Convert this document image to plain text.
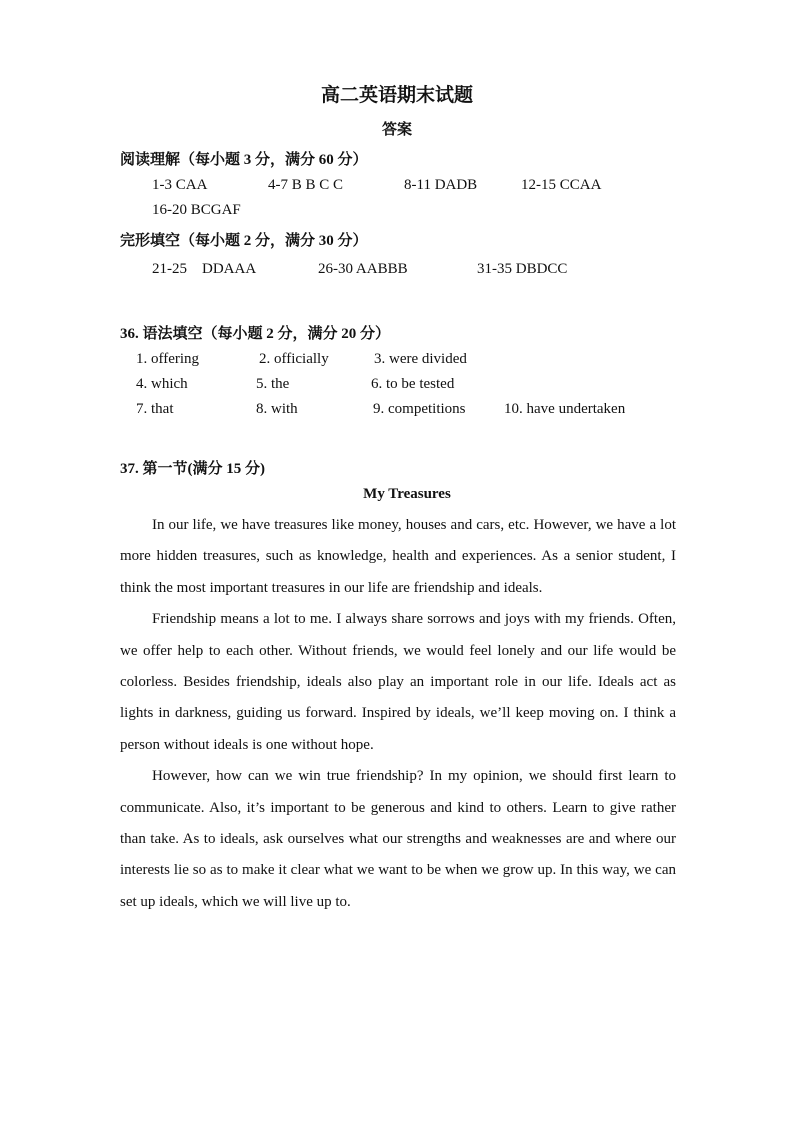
高二英语期末试题
答案
阅读理解（每小题 3 分，满分 60 分）
1-3 CAA	4-7 B B C C	8-11 DADB	12-15 CCAA
16-20 BCGAF
完形填空（每小题 2 分，满分 30 分）
21-25    DDAAA	26-30 AABBB	31-35 DBDCC
36. 语法填空（每小题 2 分，满分 20 分）
1. offering	2. officially	3. were divided
4. which	5. the	6. to be tested
7. that	8. with	9. competitions	10. have undertaken
37. 第一节(满分 15 分)
My Treasures

In our life, we have treasures like money, houses and cars, etc. However, we have a lot more hidden treasures, such as knowledge, health and experiences. As a senior student, I think the most important treasures in our life are friendship and ideals.

Friendship means a lot to me. I always share sorrows and joys with my friends. Often, we offer help to each other. Without friends, we would feel lonely and our life would be colorless. Besides friendship, ideals also play an important role in our life. Ideals act as lights in darkness, guiding us forward. Inspired by ideals, we’ll keep moving on. I think a person without ideals is one without hope.

However, how can we win true friendship? In my opinion, we should first learn to communicate. Also, it’s important to be generous and kind to others. Learn to give rather than take. As to ideals, ask ourselves what our strengths and weaknesses are and where our interests lie so as to make it clear what we want to be when we grow up. In this way, we can set up ideals, which we will live up to.
